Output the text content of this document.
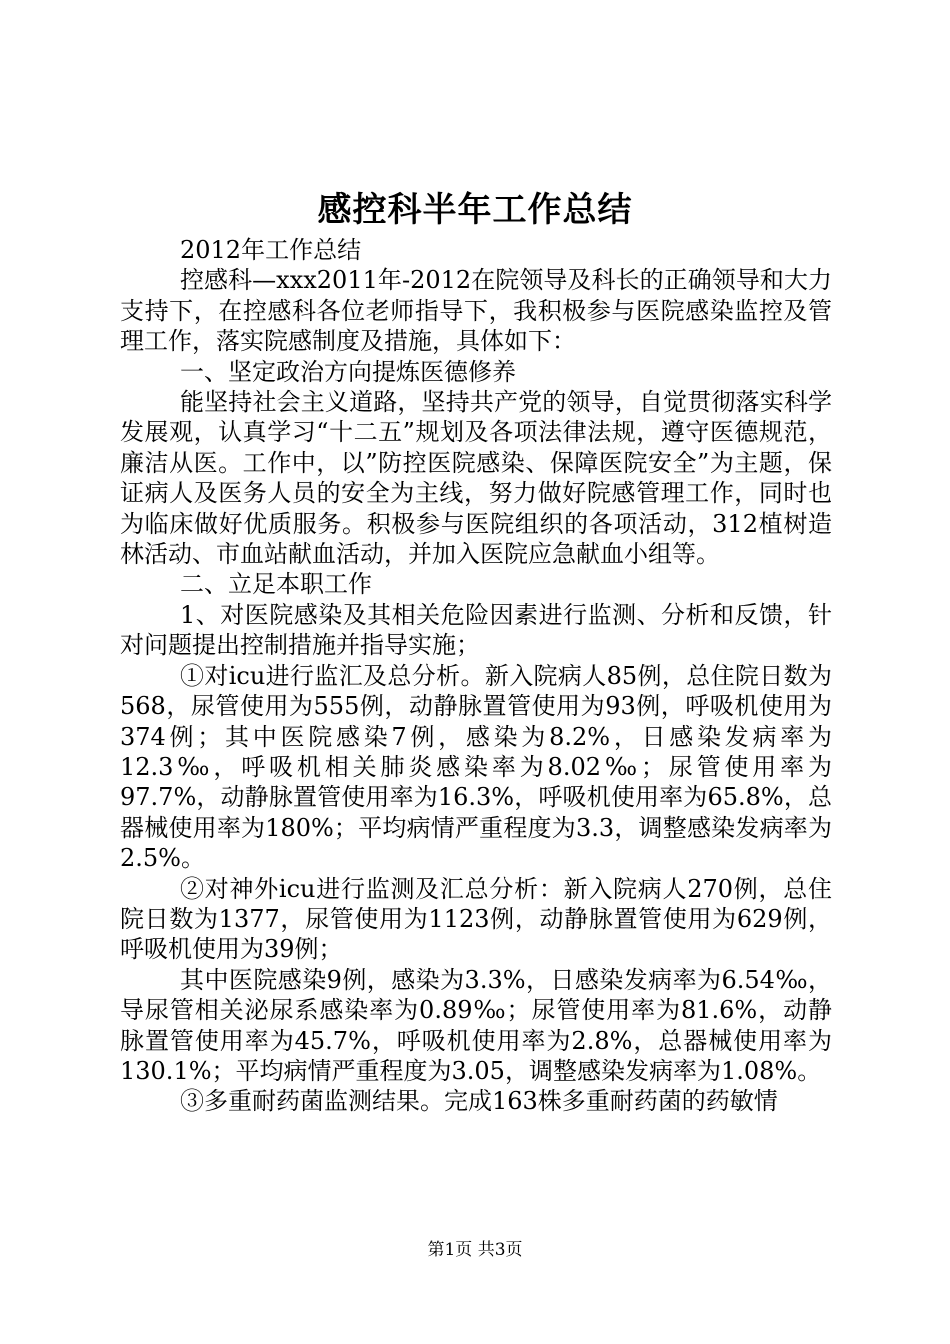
感控科半年工作总结

2012年工作总结

控感科—xxx2011年-2012在院领导及科长的正确领导和大力支持下，在控感科各位老师指导下，我积极参与医院感染监控及管理工作，落实院感制度及措施，具体如下：

一、坚定政治方向提炼医德修养

能坚持社会主义道路，坚持共产党的领导，自觉贯彻落实科学发展观，认真学习“十二五”规划及各项法律法规，遵守医德规范，廉洁从医。工作中，以”防控医院感染、保障医院安全”为主题，保证病人及医务人员的安全为主线，努力做好院感管理工作，同时也为临床做好优质服务。积极参与医院组织的各项活动，312植树造林活动、市血站献血活动，并加入医院应急献血小组等。

二、立足本职工作

1、对医院感染及其相关危险因素进行监测、分析和反馈，针对问题提出控制措施并指导实施；

①对icu进行监汇及总分析。新入院病人85例，总住院日数为568，尿管使用为555例，动静脉置管使用为93例，呼吸机使用为374例；其中医院感染7例，感染为8.2%，日感染发病率为12.3‰，呼吸机相关肺炎感染率为8.02‰；尿管使用率为97.7%，动静脉置管使用率为16.3%，呼吸机使用率为65.8%，总器械使用率为180%；平均病情严重程度为3.3，调整感染发病率为2.5%。

②对神外icu进行监测及汇总分析：新入院病人270例，总住院日数为1377，尿管使用为1123例，动静脉置管使用为629例，呼吸机使用为39例；

其中医院感染9例，感染为3.3%，日感染发病率为6.54‰，导尿管相关泌尿系感染率为0.89‰；尿管使用率为81.6%，动静脉置管使用率为45.7%，呼吸机使用率为2.8%，总器械使用率为130.1%；平均病情严重程度为3.05，调整感染发病率为1.08%。

③多重耐药菌监测结果。完成163株多重耐药菌的药敏情

第1页 共3页
